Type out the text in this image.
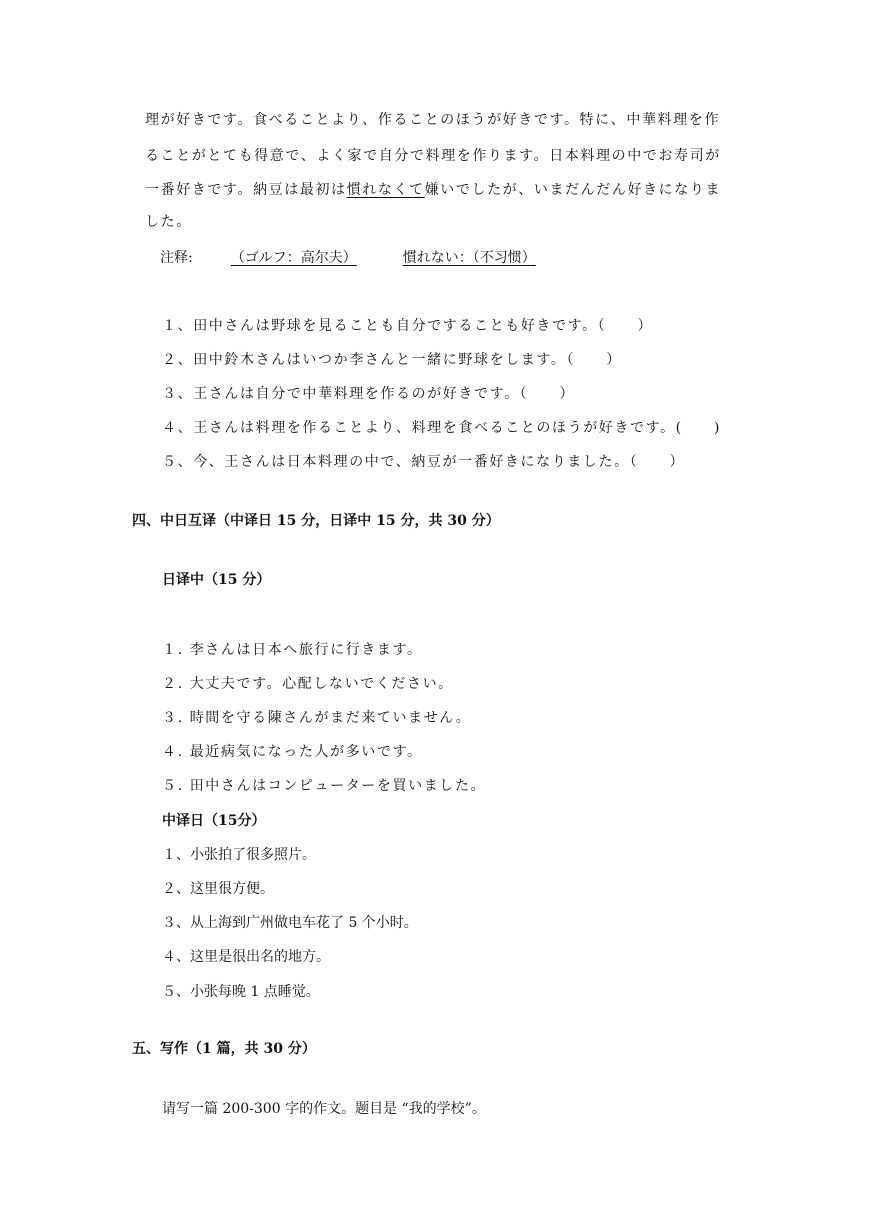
理が好きです。食べることより、作ることのほうが好きです。特に、中華料理を作
ることがとても得意で、よく家で自分で料理を作ります。日本料理の中でお寿司が
一番好きです。納豆は最初は慣れなくて嫌いでしたが、いまだんだん好きになりま
した。
注释:	（ゴルフ：高尔夫）	慣れない：（不习惯）
１、田中さんは野球を見ることも自分ですることも好きです。（　　）
２、田中鈴木さんはいつか李さんと一緒に野球をします。（　　）
３、王さんは自分で中華料理を作るのが好きです。（　　）
４、王さんは料理を作ることより、料理を食べることのほうが好きです。(　　)
５、今、王さんは日本料理の中で、納豆が一番好きになりました。（　　）
四、中日互译（中译日 15 分，日译中 15 分，共 30 分）
日译中（15 分）
１. 李さんは日本へ旅行に行きます。
２. 大丈夫です。心配しないでください。
３. 時間を守る陳さんがまだ来ていません。
４. 最近病気になった人が多いです。
５. 田中さんはコンピューターを買いました。
中译日（15分）
１、小张拍了很多照片。
２、这里很方便。
３、从上海到广州做电车花了 5 个小时。
４、这里是很出名的地方。
５、小张每晚 1 点睡觉。
五、写作（1 篇，共 30 分）
请写一篇 200-300 字的作文。题目是 “我的学校”。
